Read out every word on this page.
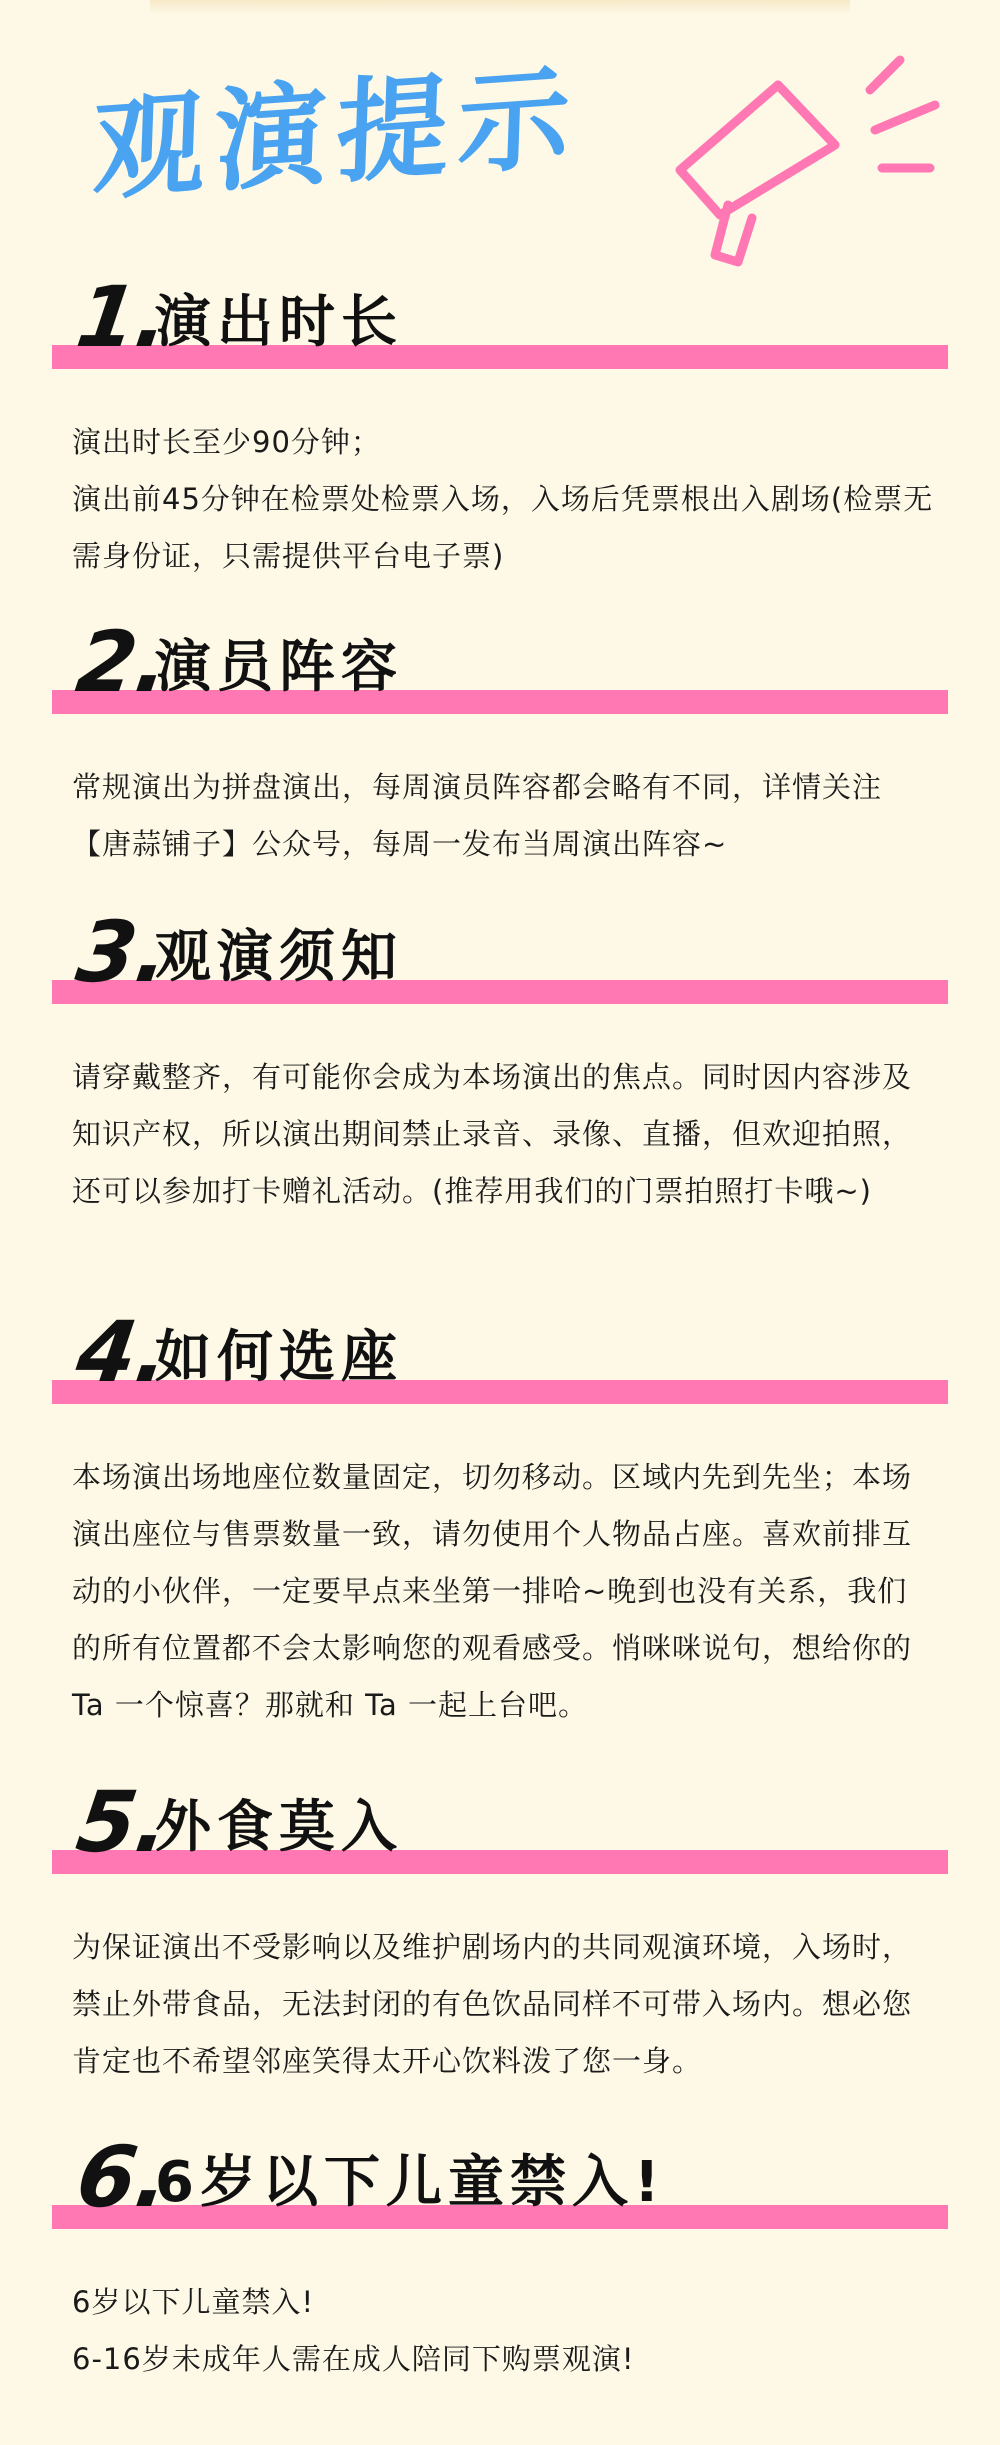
观演提示
1.
演出时长

演出时长至少90分钟；

演出前45分钟在检票处检票入场，入场后凭票根出入剧场(检票无需身份证，只需提供平台电子票)

2.
演员阵容

常规演出为拼盘演出，每周演员阵容都会略有不同，详情关注【唐蒜铺子】公众号，每周一发布当周演出阵容~

3.
观演须知

请穿戴整齐，有可能你会成为本场演出的焦点。同时因内容涉及知识产权，所以演出期间禁止录音、录像、直播，但欢迎拍照，还可以参加打卡赠礼活动。(推荐用我们的门票拍照打卡哦~)

4.
如何选座

本场演出场地座位数量固定，切勿移动。区域内先到先坐；本场演出座位与售票数量一致，请勿使用个人物品占座。喜欢前排互动的小伙伴，一定要早点来坐第一排哈~晚到也没有关系，我们的所有位置都不会太影响您的观看感受。悄咪咪说句，想给你的 Ta 一个惊喜？那就和 Ta 一起上台吧。

5.
外食莫入

为保证演出不受影响以及维护剧场内的共同观演环境，入场时，禁止外带食品，无法封闭的有色饮品同样不可带入场内。想必您肯定也不希望邻座笑得太开心饮料泼了您一身。

6.
6岁以下儿童禁入!

6岁以下儿童禁入!

6-16岁未成年人需在成人陪同下购票观演!
